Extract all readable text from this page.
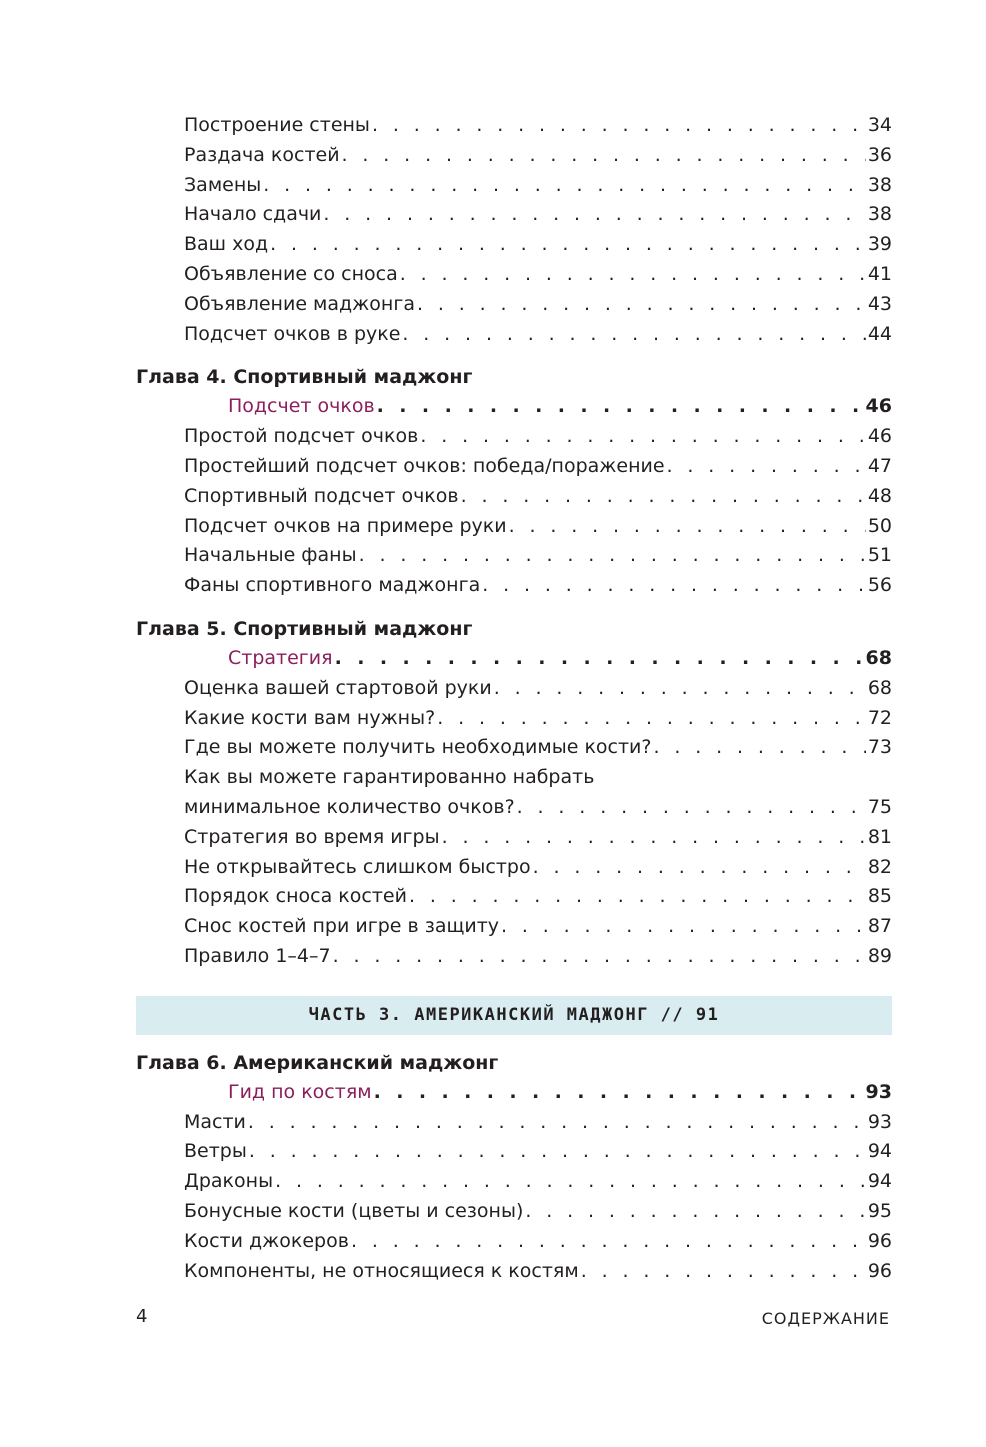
Построение стены . . .	34
Раздача костей . . .	36
Замены . . .	38
Начало сдачи . . .	38
Ваш ход . . .	39
Объявление со сноса . . .	41
Объявление маджонга . . .	43
Подсчет очков в руке . . .	44
Глава 4. Спортивный маджонг
Подсчет очков . . .	46
Простой подсчет очков . . .	46
Простейший подсчет очков: победа/поражение . . .	47
Спортивный подсчет очков . . .	48
Подсчет очков на примере руки . . .	50
Начальные фаны . . .	51
Фаны спортивного маджонга . . .	56
Глава 5. Спортивный маджонг
Стратегия . . .	68
Оценка вашей стартовой руки . . .	68
Какие кости вам нужны? . . .	72
Где вы можете получить необходимые кости? . . .	73
Как вы можете гарантированно набрать
минимальное количество очков? . . .	75
Стратегия во время игры . . .	81
Не открывайтесь слишком быстро . . .	82
Порядок сноса костей . . .	85
Снос костей при игре в защиту . . .	87
Правило 1–4–7 . . .	89
ЧАСТЬ 3. АМЕРИКАНСКИЙ МАДЖОНГ // 91
Глава 6. Американский маджонг
Гид по костям . . .	93
Масти . . .	93
Ветры . . .	94
Драконы . . .	94
Бонусные кости (цветы и сезоны) . . .	95
Кости джокеров . . .	96
Компоненты, не относящиеся к костям . . .	96
4	СОДЕРЖАНИЕ
